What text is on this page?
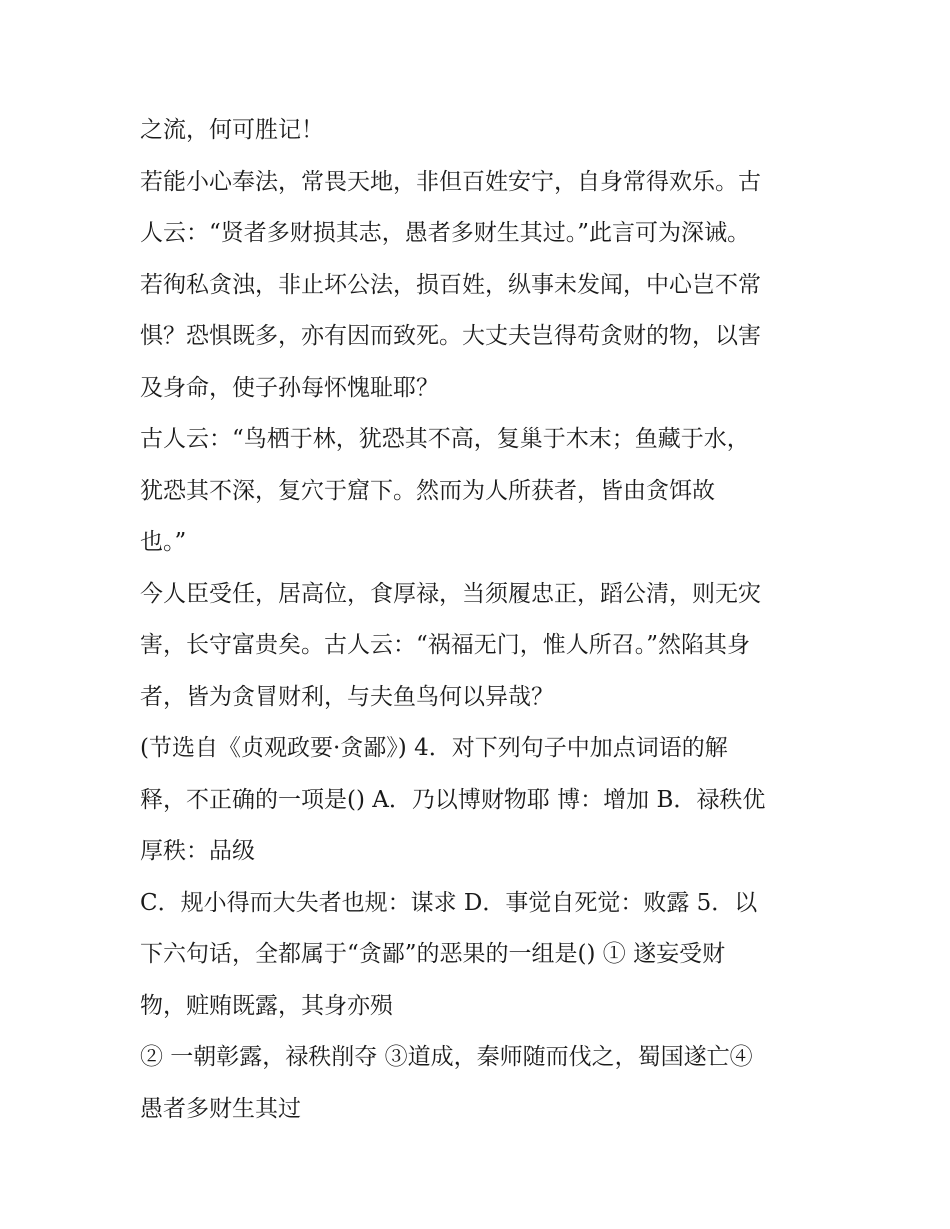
之流，何可胜记！
若能小心奉法，常畏天地，非但百姓安宁，自身常得欢乐。古
人云：“贤者多财损其志，愚者多财生其过。”此言可为深诫。
若徇私贪浊，非止坏公法，损百姓，纵事未发闻，中心岂不常
惧？恐惧既多，亦有因而致死。大丈夫岂得苟贪财的物，以害
及身命，使子孙每怀愧耻耶？
古人云：“鸟栖于林，犹恐其不高，复巢于木末；鱼藏于水，
犹恐其不深，复穴于窟下。然而为人所获者，皆由贪饵故
也。”
今人臣受任，居高位，食厚禄，当须履忠正，蹈公清，则无灾
害，长守富贵矣。古人云：“祸福无门，惟人所召。”然陷其身
者，皆为贪冒财利，与夫鱼鸟何以异哉？
(节选自《贞观政要·贪鄙》) 4．对下列句子中加点词语的解
释，不正确的一项是() A．乃以博财物耶 博：增加 B．禄秩优
厚秩：品级
C．规小得而大失者也规：谋求 D．事觉自死觉：败露 5．以
下六句话，全都属于“贪鄙”的恶果的一组是() ① 遂妄受财
物，赃贿既露，其身亦殒
② 一朝彰露，禄秩削夺 ③道成，秦师随而伐之，蜀国遂亡④
愚者多财生其过
